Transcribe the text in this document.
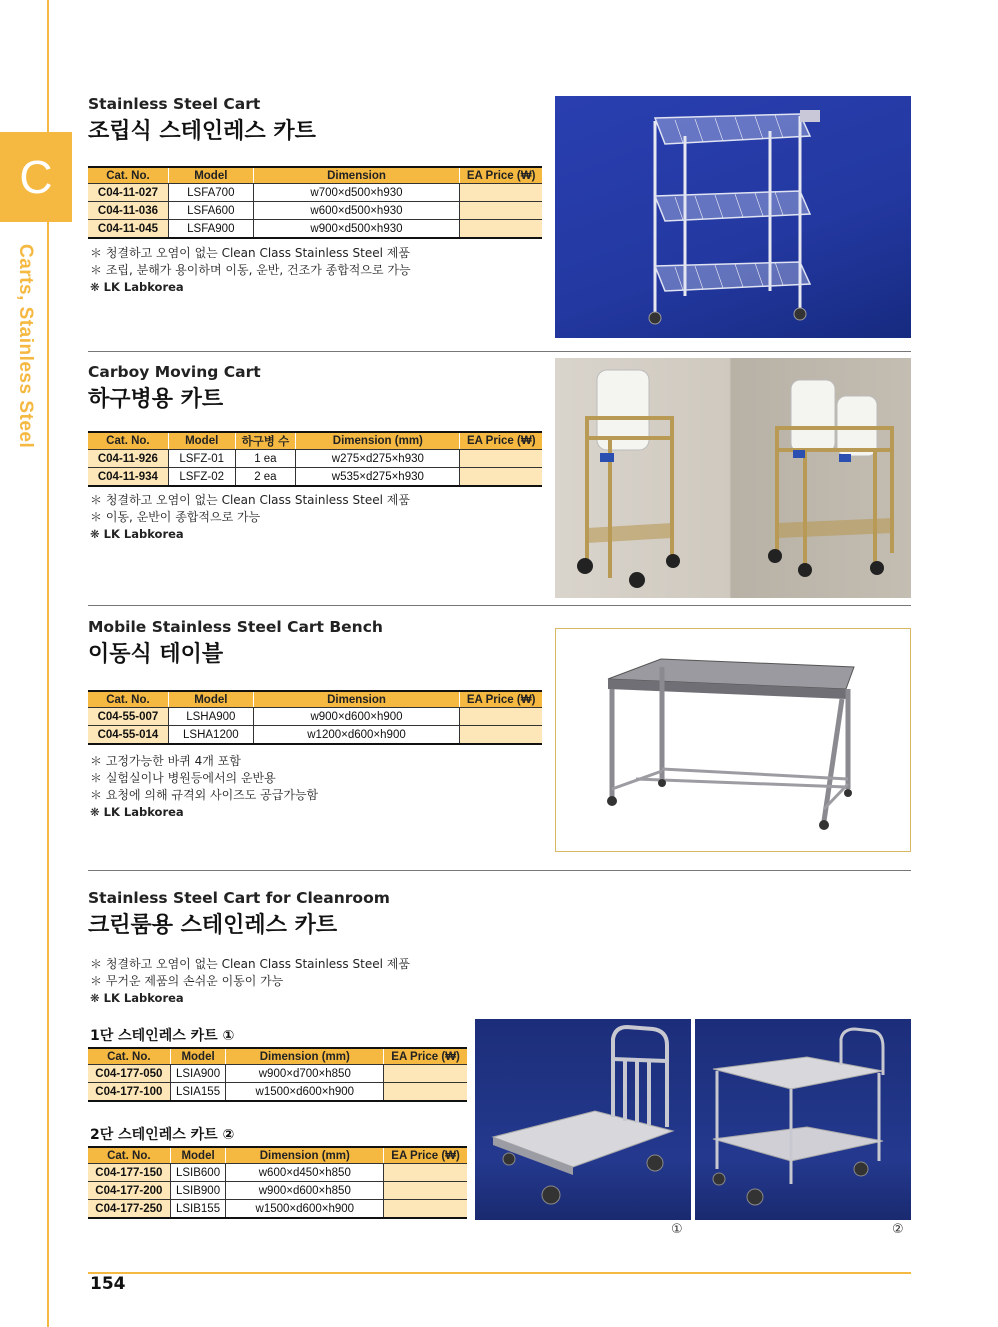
C
Carts, Stainless Steel
Stainless Steel Cart
조립식 스테인레스 카트
Cat. No.	Model	Dimension	EA Price (₩)
C04-11-027	LSFA700	w700×d500×h930	
C04-11-036	LSFA600	w600×d500×h930	
C04-11-045	LSFA900	w900×d500×h930	
＊ 청결하고 오염이 없는 Clean Class Stainless Steel 제품
＊ 조립, 분해가 용이하며 이동, 운반, 건조가 종합적으로 가능
❋ LK Labkorea
Carboy Moving Cart
하구병용 카트
Cat. No.	Model	하구병 수	Dimension (mm)	EA Price (₩)
C04-11-926	LSFZ-01	1 ea	w275×d275×h930	
C04-11-934	LSFZ-02	2 ea	w535×d275×h930	
＊ 청결하고 오염이 없는 Clean Class Stainless Steel 제품
＊ 이동, 운반이 종합적으로 가능
❋ LK Labkorea
Mobile Stainless Steel Cart Bench
이동식 테이블
Cat. No.	Model	Dimension	EA Price (₩)
C04-55-007	LSHA900	w900×d600×h900	
C04-55-014	LSHA1200	w1200×d600×h900	
＊ 고정가능한 바퀴 4개 포함
＊ 실험실이나 병원등에서의 운반용
＊ 요청에 의해 규격외 사이즈도 공급가능함
❋ LK Labkorea
Stainless Steel Cart for Cleanroom
크린룸용 스테인레스 카트
＊ 청결하고 오염이 없는 Clean Class Stainless Steel 제품
＊ 무거운 제품의 손쉬운 이동이 가능
❋ LK Labkorea
1단 스테인레스 카트 ①
Cat. No.	Model	Dimension (mm)	EA Price (₩)
C04-177-050	LSIA900	w900×d700×h850	
C04-177-100	LSIA155	w1500×d600×h900	
2단 스테인레스 카트 ②
Cat. No.	Model	Dimension (mm)	EA Price (₩)
C04-177-150	LSIB600	w600×d450×h850	
C04-177-200	LSIB900	w900×d600×h850	
C04-177-250	LSIB155	w1500×d600×h900	
①	②
154
